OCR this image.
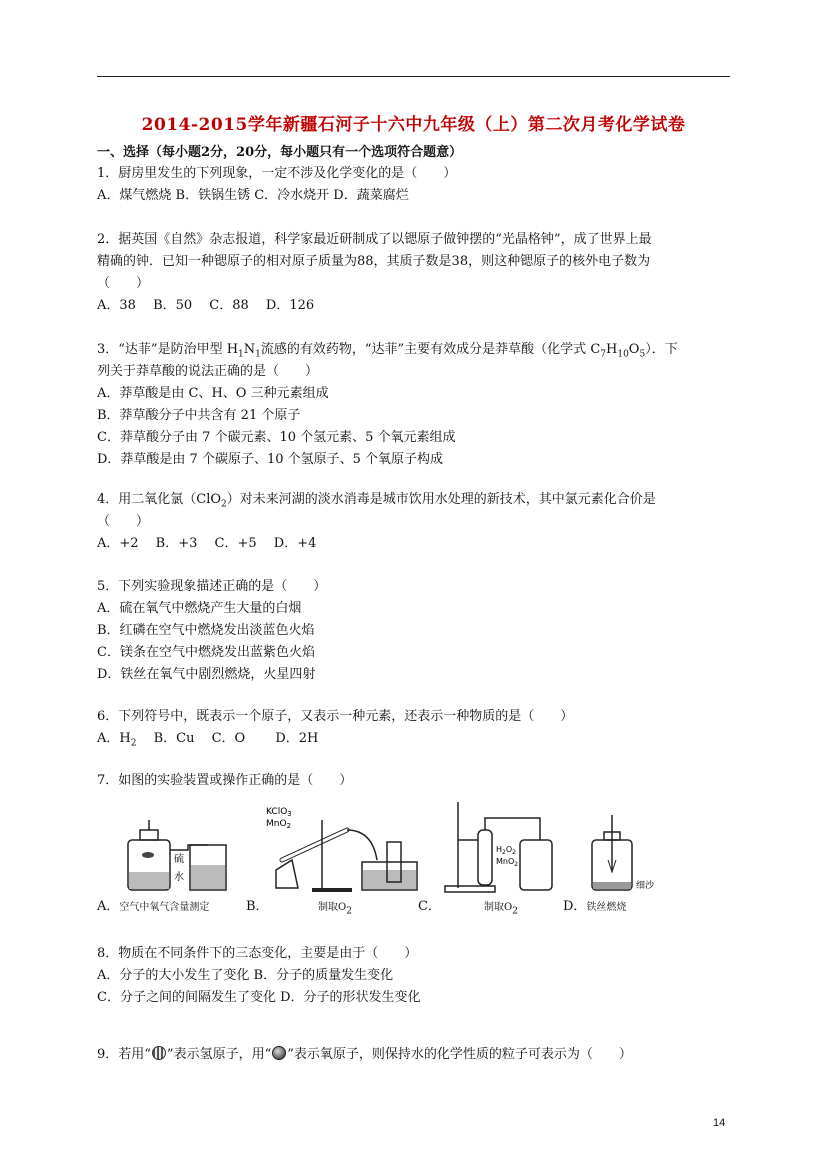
2014-2015学年新疆石河子十六中九年级（上）第二次月考化学试卷
一、选择（每小题2分，20分，每小题只有一个选项符合题意）
1．厨房里发生的下列现象，一定不涉及化学变化的是（　　）
A．煤气燃烧 B．铁锅生锈 C．冷水烧开 D．蔬菜腐烂
2．据英国《自然》杂志报道，科学家最近研制成了以锶原子做钟摆的“光晶格钟”，成了世界上最
精确的钟．已知一种锶原子的相对原子质量为88，其质子数是38，则这种锶原子的核外电子数为
（　　）
A．38　 B．50　 C．88　 D．126
3．“达菲”是防治甲型 $H_1N_1$流感的有效药物，“达菲”主要有效成分是莽草酸（化学式 $C_7H_{10}O_5$）．下
列关于莽草酸的说法正确的是（　　）
A．莽草酸是由 C、H、O 三种元素组成
B．莽草酸分子中共含有 21 个原子
C．莽草酸分子由 7 个碳元素、10 个氢元素、5 个氧元素组成
D．莽草酸是由 7 个碳原子、10 个氢原子、5 个氧原子构成
4．用二氧化氯（ClO$_2$）对未来河湖的淡水消毒是城市饮用水处理的新技术，其中氯元素化合价是
（　　）
A．+2　 B．+3　 C．+5　 D．+4
5．下列实验现象描述正确的是（　　）
A．硫在氧气中燃烧产生大量的白烟
B．红磷在空气中燃烧发出淡蓝色火焰
C．镁条在空气中燃烧发出蓝紫色火焰
D．铁丝在氧气中剧烈燃烧，火星四射
6．下列符号中，既表示一个原子，又表示一种元素，还表示一种物质的是（　　）
A．$H_2$　 B．Cu　 C．O　　 D．2H
7．如图的实验装置或操作正确的是（　　）
硫
水
A．空气中氧气含量测定
KClO$_3$
MnO$_2$
B．	制取$O_2$
$H_2O_2$
MnO$_2$
C．	制取$O_2$
细沙
D．铁丝燃烧
8．物质在不同条件下的三态变化，主要是由于（　　）
A．分子的大小发生了变化 B．分子的质量发生变化
C．分子之间的间隔发生了变化 D．分子的形状发生变化
9．若用“ ”表示氢原子，用“ ”表示氧原子，则保持水的化学性质的粒子可表示为（　　）
14
